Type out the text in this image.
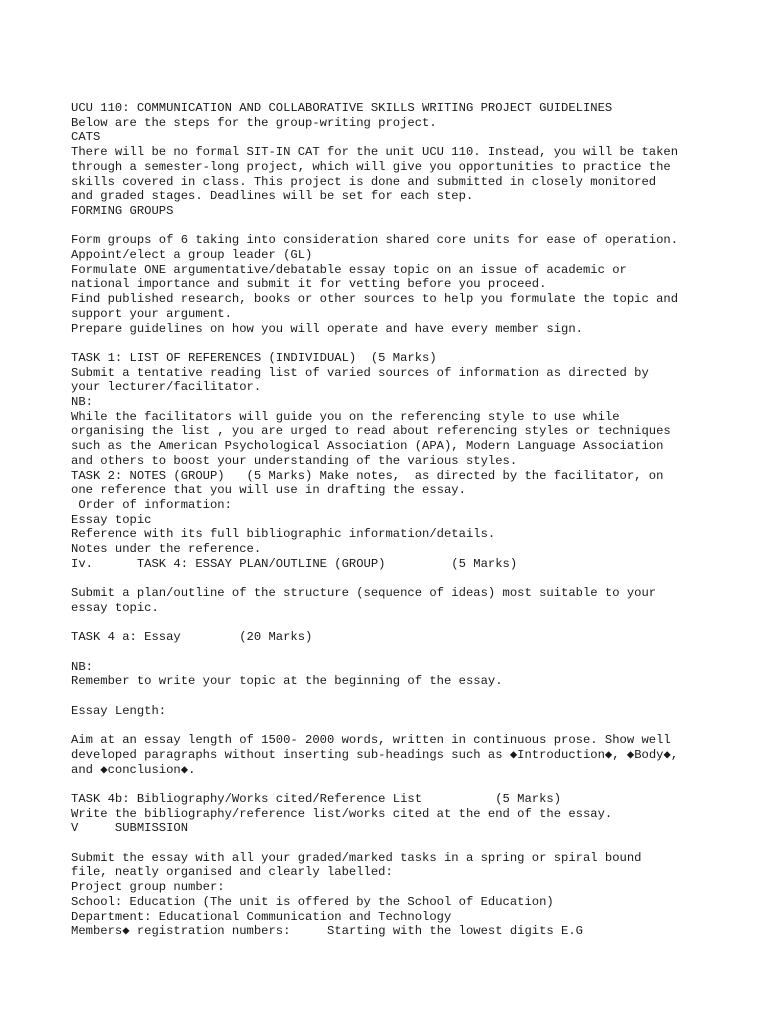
UCU 110: COMMUNICATION AND COLLABORATIVE SKILLS WRITING PROJECT GUIDELINES
Below are the steps for the group-writing project.
CATS
There will be no formal SIT-IN CAT for the unit UCU 110. Instead, you will be taken
through a semester-long project, which will give you opportunities to practice the
skills covered in class. This project is done and submitted in closely monitored
and graded stages. Deadlines will be set for each step.
FORMING GROUPS
Form groups of 6 taking into consideration shared core units for ease of operation.
Appoint/elect a group leader (GL)
Formulate ONE argumentative/debatable essay topic on an issue of academic or
national importance and submit it for vetting before you proceed.
Find published research, books or other sources to help you formulate the topic and
support your argument.
Prepare guidelines on how you will operate and have every member sign.
TASK 1: LIST OF REFERENCES (INDIVIDUAL)  (5 Marks)
Submit a tentative reading list of varied sources of information as directed by
your lecturer/facilitator.
NB:
While the facilitators will guide you on the referencing style to use while
organising the list , you are urged to read about referencing styles or techniques
such as the American Psychological Association (APA), Modern Language Association
and others to boost your understanding of the various styles.
TASK 2: NOTES (GROUP)   (5 Marks) Make notes,  as directed by the facilitator, on
one reference that you will use in drafting the essay.
Order of information:
Essay topic
Reference with its full bibliographic information/details.
Notes under the reference.
Iv.      TASK 4: ESSAY PLAN/OUTLINE (GROUP)         (5 Marks)
Submit a plan/outline of the structure (sequence of ideas) most suitable to your
essay topic.
TASK 4 a: Essay        (20 Marks)
NB:
Remember to write your topic at the beginning of the essay.
Essay Length:
Aim at an essay length of 1500- 2000 words, written in continuous prose. Show well
developed paragraphs without inserting sub-headings such as ◆Introduction◆, ◆Body◆,
and ◆conclusion◆.
TASK 4b: Bibliography/Works cited/Reference List          (5 Marks)
Write the bibliography/reference list/works cited at the end of the essay.
V     SUBMISSION
Submit the essay with all your graded/marked tasks in a spring or spiral bound
file, neatly organised and clearly labelled:
Project group number:
School: Education (The unit is offered by the School of Education)
Department: Educational Communication and Technology
Members◆ registration numbers:     Starting with the lowest digits E.G
